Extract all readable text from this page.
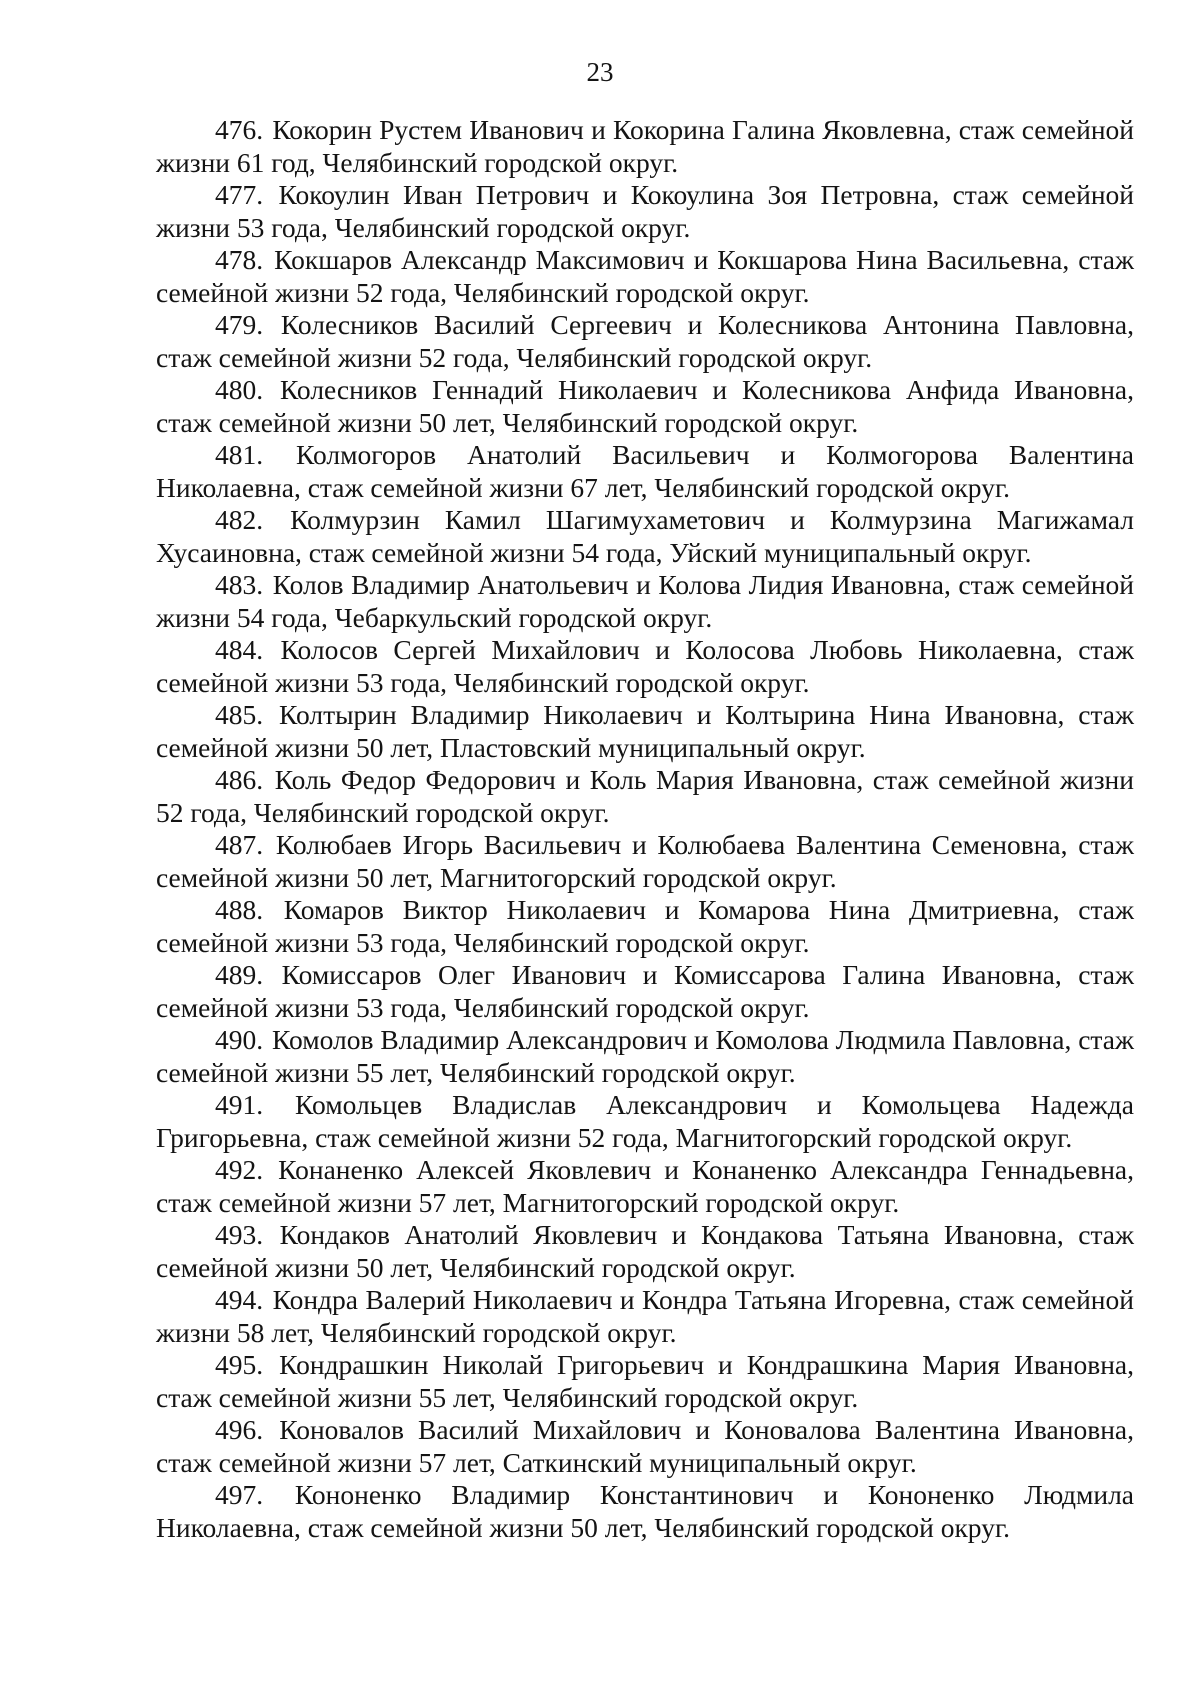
23
476. Кокорин Рустем Иванович и Кокорина Галина Яковлевна, стаж семейной жизни 61 год, Челябинский городской округ.
477. Кокоулин Иван Петрович и Кокоулина Зоя Петровна, стаж семейной жизни 53 года, Челябинский городской округ.
478. Кокшаров Александр Максимович и Кокшарова Нина Васильевна, стаж семейной жизни 52 года, Челябинский городской округ.
479. Колесников Василий Сергеевич и Колесникова Антонина Павловна, стаж семейной жизни 52 года, Челябинский городской округ.
480. Колесников Геннадий Николаевич и Колесникова Анфида Ивановна, стаж семейной жизни 50 лет, Челябинский городской округ.
481. Колмогоров Анатолий Васильевич и Колмогорова Валентина Николаевна, стаж семейной жизни 67 лет, Челябинский городской округ.
482. Колмурзин Камил Шагимухаметович и Колмурзина Магижамал Хусаиновна, стаж семейной жизни 54 года, Уйский муниципальный округ.
483. Колов Владимир Анатольевич и Колова Лидия Ивановна, стаж семейной жизни 54 года, Чебаркульский городской округ.
484. Колосов Сергей Михайлович и Колосова Любовь Николаевна, стаж семейной жизни 53 года, Челябинский городской округ.
485. Колтырин Владимир Николаевич и Колтырина Нина Ивановна, стаж семейной жизни 50 лет, Пластовский муниципальный округ.
486. Коль Федор Федорович и Коль Мария Ивановна, стаж семейной жизни 52 года, Челябинский городской округ.
487. Колюбаев Игорь Васильевич и Колюбаева Валентина Семеновна, стаж семейной жизни 50 лет, Магнитогорский городской округ.
488. Комаров Виктор Николаевич и Комарова Нина Дмитриевна, стаж семейной жизни 53 года, Челябинский городской округ.
489. Комиссаров Олег Иванович и Комиссарова Галина Ивановна, стаж семейной жизни 53 года, Челябинский городской округ.
490. Комолов Владимир Александрович и Комолова Людмила Павловна, стаж семейной жизни 55 лет, Челябинский городской округ.
491. Комольцев Владислав Александрович и Комольцева Надежда Григорьевна, стаж семейной жизни 52 года, Магнитогорский городской округ.
492. Конаненко Алексей Яковлевич и Конаненко Александра Геннадьевна, стаж семейной жизни 57 лет, Магнитогорский городской округ.
493. Кондаков Анатолий Яковлевич и Кондакова Татьяна Ивановна, стаж семейной жизни 50 лет, Челябинский городской округ.
494. Кондра Валерий Николаевич и Кондра Татьяна Игоревна, стаж семейной жизни 58 лет, Челябинский городской округ.
495. Кондрашкин Николай Григорьевич и Кондрашкина Мария Ивановна, стаж семейной жизни 55 лет, Челябинский городской округ.
496. Коновалов Василий Михайлович и Коновалова Валентина Ивановна, стаж семейной жизни 57 лет, Саткинский муниципальный округ.
497. Кононенко Владимир Константинович и Кононенко Людмила Николаевна, стаж семейной жизни 50 лет, Челябинский городской округ.
